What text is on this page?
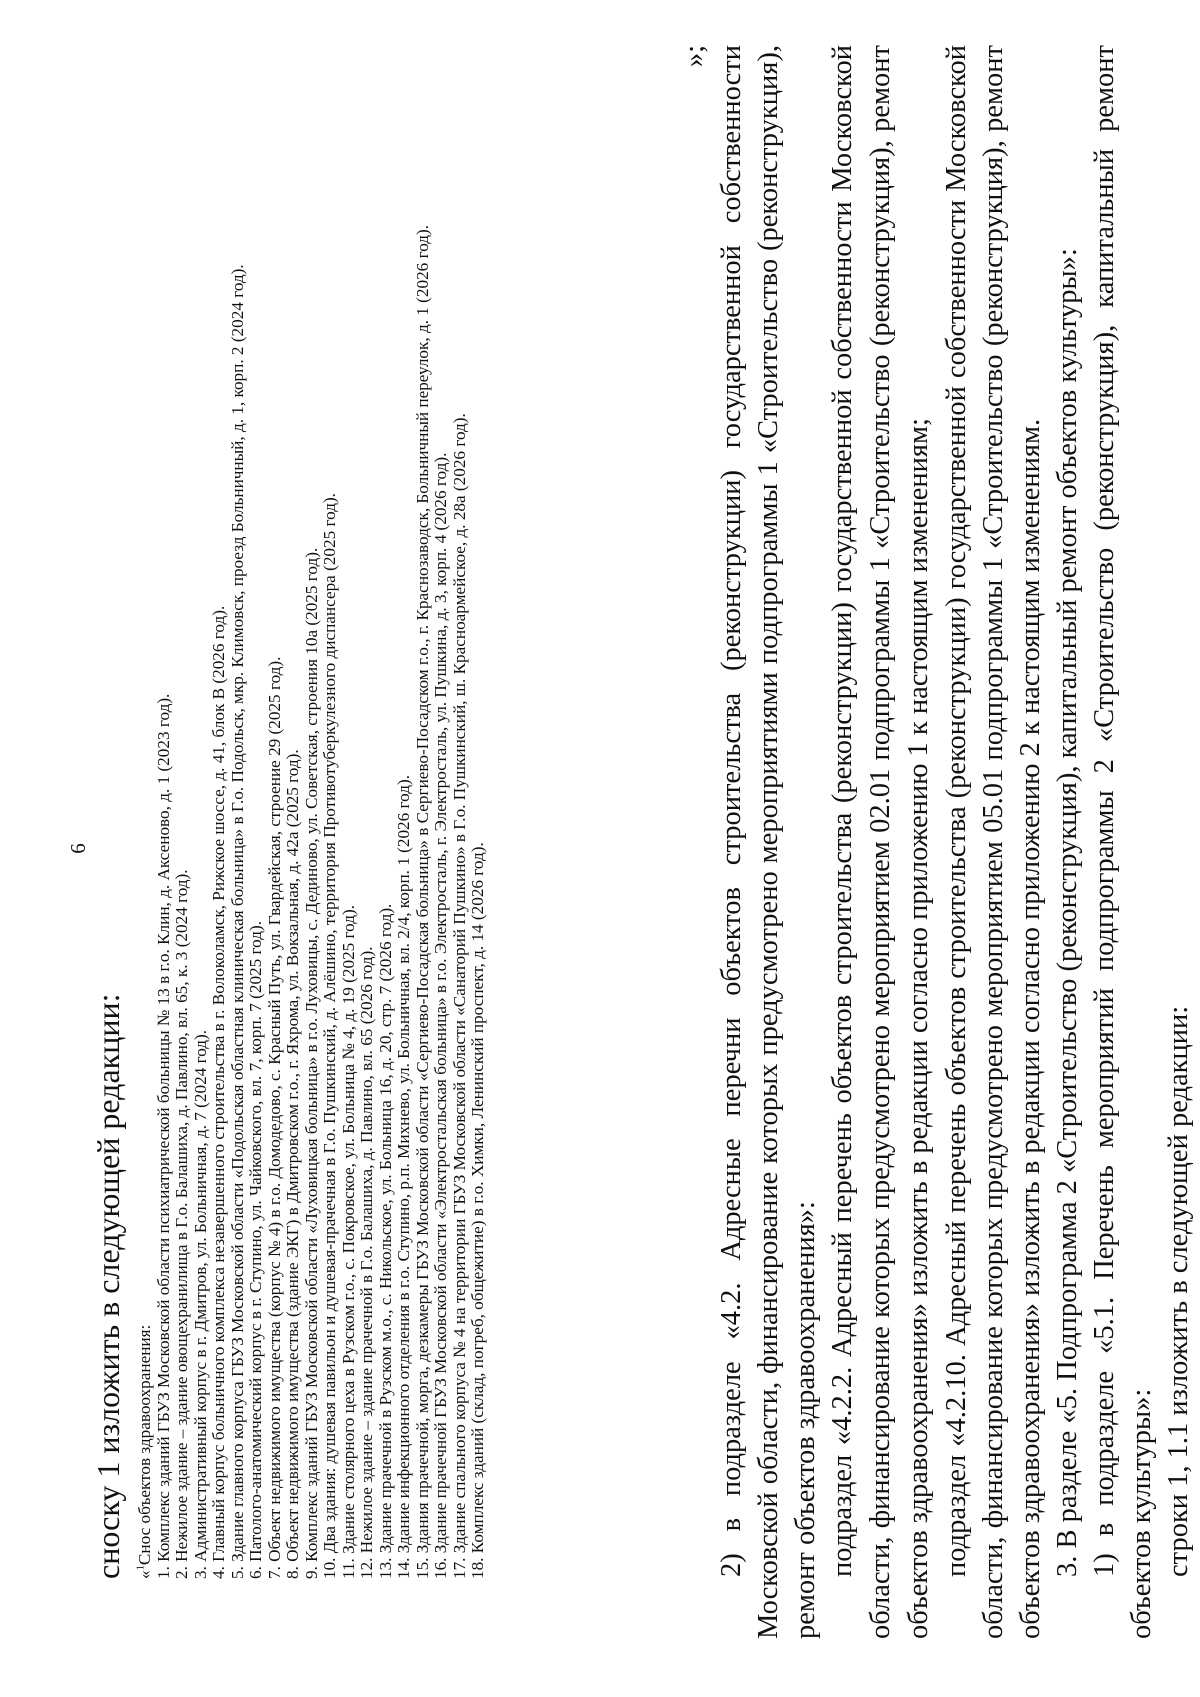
6
сноску 1 изложить в следующей редакции: «$^1$Снос объектов здравоохранения: 1. Комплекс зданий ГБУЗ Московской области психиатрической больницы № 13 в г.о. Клин, д. Аксеново, д. 1 (2023 год). 2. Нежилое здание – здание овощехранилища в Г.о. Балашиха, д. Павлино, вл. 65, к. 3 (2024 год). 3. Административный корпус в г. Дмитров, ул. Больничная, д. 7 (2024 год). 4. Главный корпус больничного комплекса незавершенного строительства в г. Волоколамск, Рижское шоссе, д. 41, блок В (2026 год). 5. Здание главного корпуса ГБУЗ Московской области «Подольская областная клиническая больница» в Г.о. Подольск, мкр. Климовск, проезд Больничный, д. 1, корп. 2 (2024 год). 6. Патолого-анатомический корпус в г. Ступино, ул. Чайковского, вл. 7, корп. 7 (2025 год). 7. Объект недвижимого имущества (корпус № 4) в г.о. Домодедово, с. Красный Путь, ул. Гвардейская, строение 29 (2025 год). 8. Объект недвижимого имущества (здание ЭКГ) в Дмитровском г.о., г. Яхрома, ул. Вокзальная, д. 42а (2025 год). 9. Комплекс зданий ГБУЗ Московской области «Луховицкая больница» в г.о. Луховицы, с. Дединово, ул. Советская, строения 10а (2025 год). 10. Два здания: душевая павильон и душевая-прачечная в Г.о. Пушкинский, д. Алёшино, территория Противотуберкулезного диспансера (2025 год). 11. Здание столярного цеха в Рузском г.о., с. Покровское, ул. Больница № 4, д. 19 (2025 год). 12. Нежилое здание – здание прачечной в Г.о. Балашиха, д. Павлино, вл. 65 (2026 год). 13. Здание прачечной в Рузском м.о., с. Никольское, ул. Больница 16, д. 20, стр. 7 (2026 год). 14. Здание инфекционного отделения в г.о. Ступино, р.п. Михнево, ул. Больничная, вл. 2/4, корп. 1 (2026 год). 15. Здания прачечной, морга, дезкамеры ГБУЗ Московской области «Сергиево-Посадская больница» в Сергиево-Посадском г.о., г. Краснозаводск, Больничный переулок, д. 1 (2026 год). 16. Здание прачечной ГБУЗ Московской области «Электростальская больница» в г.о. Электросталь, г. Электросталь, ул. Пушкина, д. 3, корп. 4 (2026 год). 17. Здание спального корпуса № 4 на территории ГБУЗ Московской области «Санаторий Пушкино» в Г.о. Пушкинский, ш. Красноармейское, д. 28а (2026 год). 18. Комплекс зданий (склад, погреб, общежитие) в г.о. Химки, Ленинский проспект, д. 14 (2026 год).
»; 2) в подразделе «4.2. Адресные перечни объектов строительства (реконструкции) государственной собственности Московской области, финансирование которых предусмотрено мероприятиями подпрограммы 1 «Строительство (реконструкция), ремонт объектов здравоохранения»: подраздел «4.2.2. Адресный перечень объектов строительства (реконструкции) государственной собственности Московской области, финансирование которых предусмотрено мероприятием 02.01 подпрограммы 1 «Строительство (реконструкция), ремонт объектов здравоохранения» изложить в редакции согласно приложению 1 к настоящим изменениям; подраздел «4.2.10. Адресный перечень объектов строительства (реконструкции) государственной собственности Московской области, финансирование которых предусмотрено мероприятием 05.01 подпрограммы 1 «Строительство (реконструкция), ремонт объектов здравоохранения» изложить в редакции согласно приложению 2 к настоящим изменениям. 3. В разделе «5. Подпрограмма 2 «Строительство (реконструкция), капитальный ремонт объектов культуры»: 1) в подразделе «5.1. Перечень мероприятий подпрограммы 2 «Строительство (реконструкция), капитальный ремонт объектов культуры»: строки 1, 1.1 изложить в следующей редакции:
